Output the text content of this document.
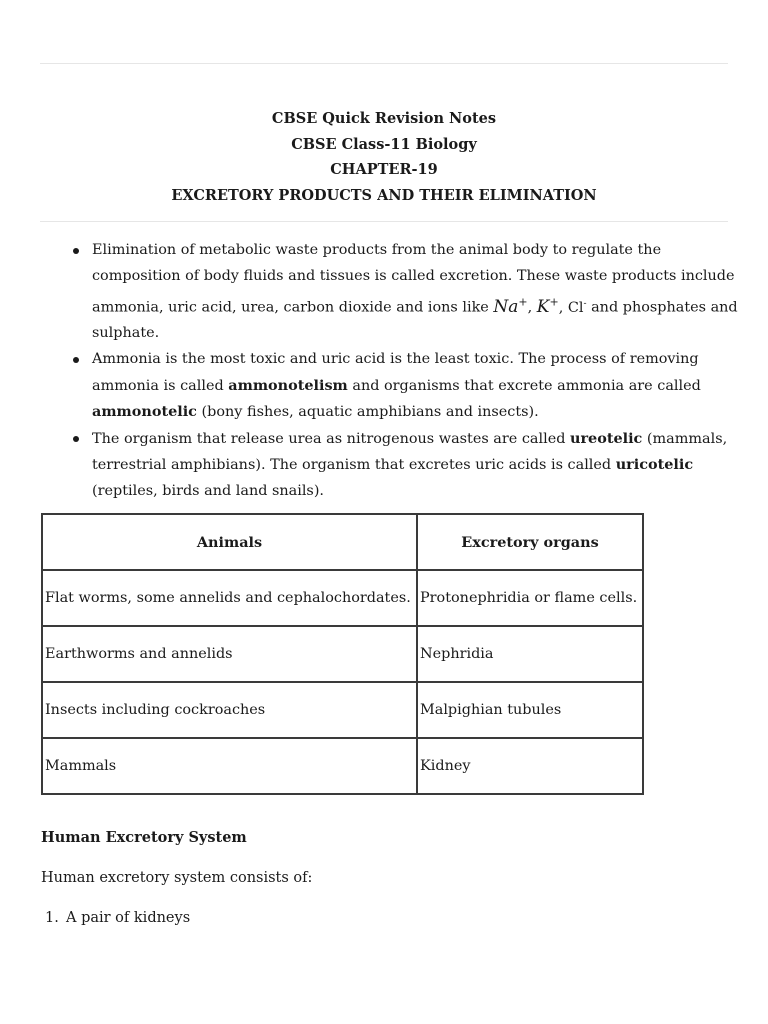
CBSE Quick Revision Notes
CBSE Class-11 Biology
CHAPTER-19
EXCRETORY PRODUCTS AND THEIR ELIMINATION
Elimination of metabolic waste products from the animal body to regulate the composition of body fluids and tissues is called excretion. These waste products include ammonia, uric acid, urea, carbon dioxide and ions like Na+, K+, Cl- and phosphates and sulphate.
Ammonia is the most toxic and uric acid is the least toxic. The process of removing ammonia is called ammonotelism and organisms that excrete ammonia are called ammonotelic (bony fishes, aquatic amphibians and insects).
The organism that release urea as nitrogenous wastes are called ureotelic (mammals, terrestrial amphibians). The organism that excretes uric acids is called uricotelic (reptiles, birds and land snails).
Animals	Excretory organs
Flat worms, some annelids and cephalochordates.	Protonephridia or flame cells.
Earthworms and annelids	Nephridia
Insects including cockroaches	Malpighian tubules
Mammals	Kidney
Human Excretory System
Human excretory system consists of:
1. A pair of kidneys
